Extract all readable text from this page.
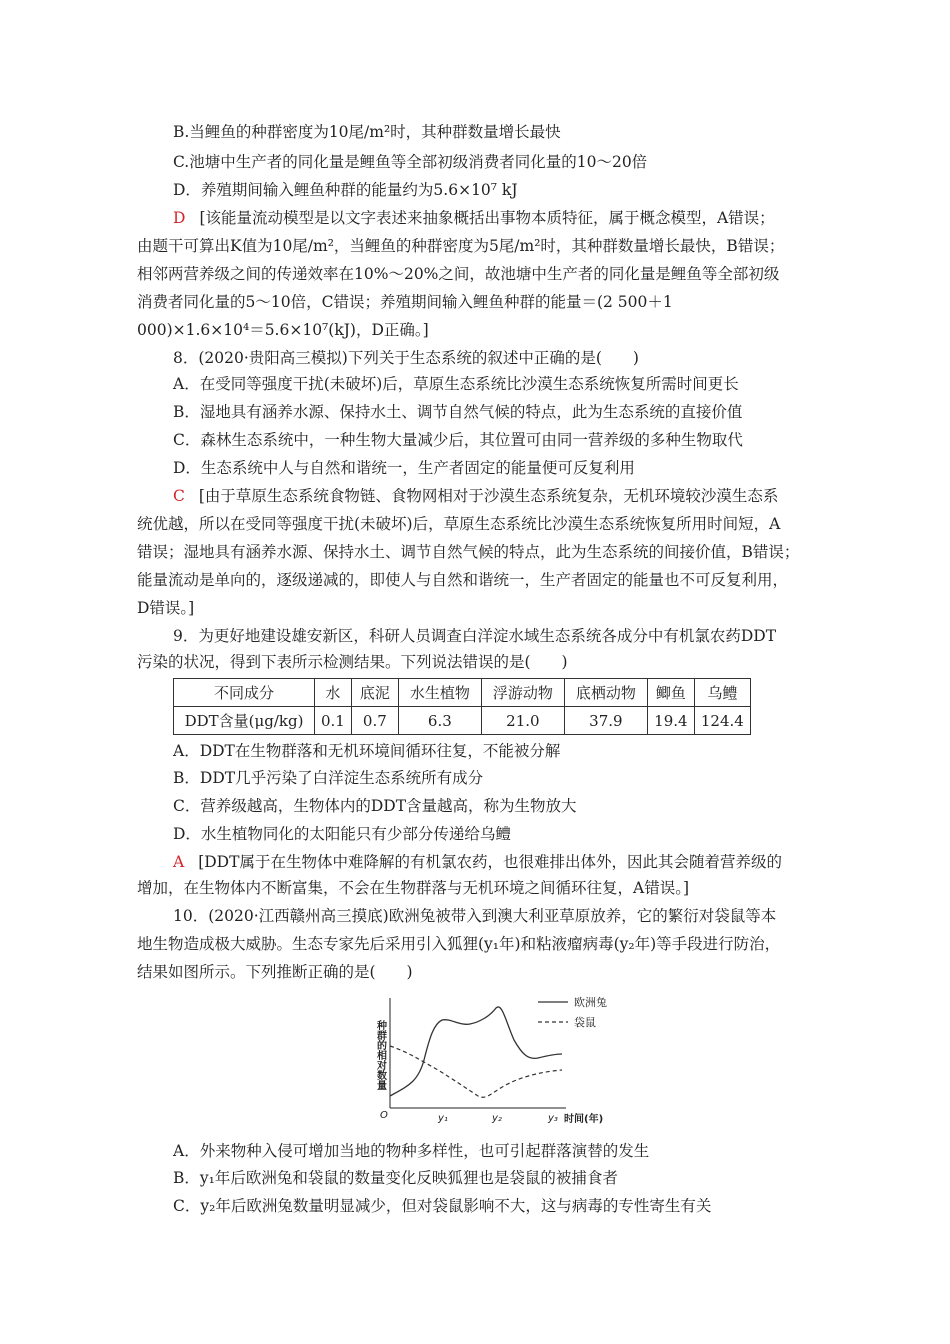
B.当鲤鱼的种群密度为10尾/m²时，其种群数量增长最快
C.池塘中生产者的同化量是鲤鱼等全部初级消费者同化量的10～20倍
D．养殖期间输入鲤鱼种群的能量约为5.6×10⁷ kJ
D [该能量流动模型是以文字表述来抽象概括出事物本质特征，属于概念模型，A错误；
由题干可算出K值为10尾/m²，当鲤鱼的种群密度为5尾/m²时，其种群数量增长最快，B错误；
相邻两营养级之间的传递效率在10%～20%之间，故池塘中生产者的同化量是鲤鱼等全部初级
消费者同化量的5～10倍，C错误；养殖期间输入鲤鱼种群的能量＝(2 500＋1
000)×1.6×10⁴＝5.6×10⁷(kJ)，D正确。]
8．(2020·贵阳高三模拟)下列关于生态系统的叙述中正确的是(　　)
A．在受同等强度干扰(未破坏)后，草原生态系统比沙漠生态系统恢复所需时间更长
B．湿地具有涵养水源、保持水土、调节自然气候的特点，此为生态系统的直接价值
C．森林生态系统中，一种生物大量减少后，其位置可由同一营养级的多种生物取代
D．生态系统中人与自然和谐统一，生产者固定的能量便可反复利用
C [由于草原生态系统食物链、食物网相对于沙漠生态系统复杂，无机环境较沙漠生态系
统优越，所以在受同等强度干扰(未破坏)后，草原生态系统比沙漠生态系统恢复所用时间短，A
错误；湿地具有涵养水源、保持水土、调节自然气候的特点，此为生态系统的间接价值，B错误；
能量流动是单向的，逐级递减的，即使人与自然和谐统一，生产者固定的能量也不可反复利用，
D错误。]
9．为更好地建设雄安新区，科研人员调查白洋淀水域生态系统各成分中有机氯农药DDT
污染的状况，得到下表所示检测结果。下列说法错误的是(　　)
不同成分	水	底泥	水生植物	浮游动物	底栖动物	鲫鱼	乌鳢
DDT含量(μg/kg)	0.1	0.7	6.3	21.0	37.9	19.4	124.4
A．DDT在生物群落和无机环境间循环往复，不能被分解
B．DDT几乎污染了白洋淀生态系统所有成分
C．营养级越高，生物体内的DDT含量越高，称为生物放大
D．水生植物同化的太阳能只有少部分传递给乌鳢
A [DDT属于在生物体中难降解的有机氯农药，也很难排出体外，因此其会随着营养级的
增加，在生物体内不断富集，不会在生物群落与无机环境之间循环往复，A错误。]
10．(2020·江西赣州高三摸底)欧洲兔被带入到澳大利亚草原放养，它的繁衍对袋鼠等本
地生物造成极大威胁。生态专家先后采用引入狐狸(y₁年)和粘液瘤病毒(y₂年)等手段进行防治，
结果如图所示。下列推断正确的是(　　)
欧洲兔
袋鼠
种群的相对数量
O	y₁	y₂	y₃ 时间(年)
A．外来物种入侵可增加当地的物种多样性，也可引起群落演替的发生
B．y₁年后欧洲兔和袋鼠的数量变化反映狐狸也是袋鼠的被捕食者
C．y₂年后欧洲兔数量明显减少，但对袋鼠影响不大，这与病毒的专性寄生有关
